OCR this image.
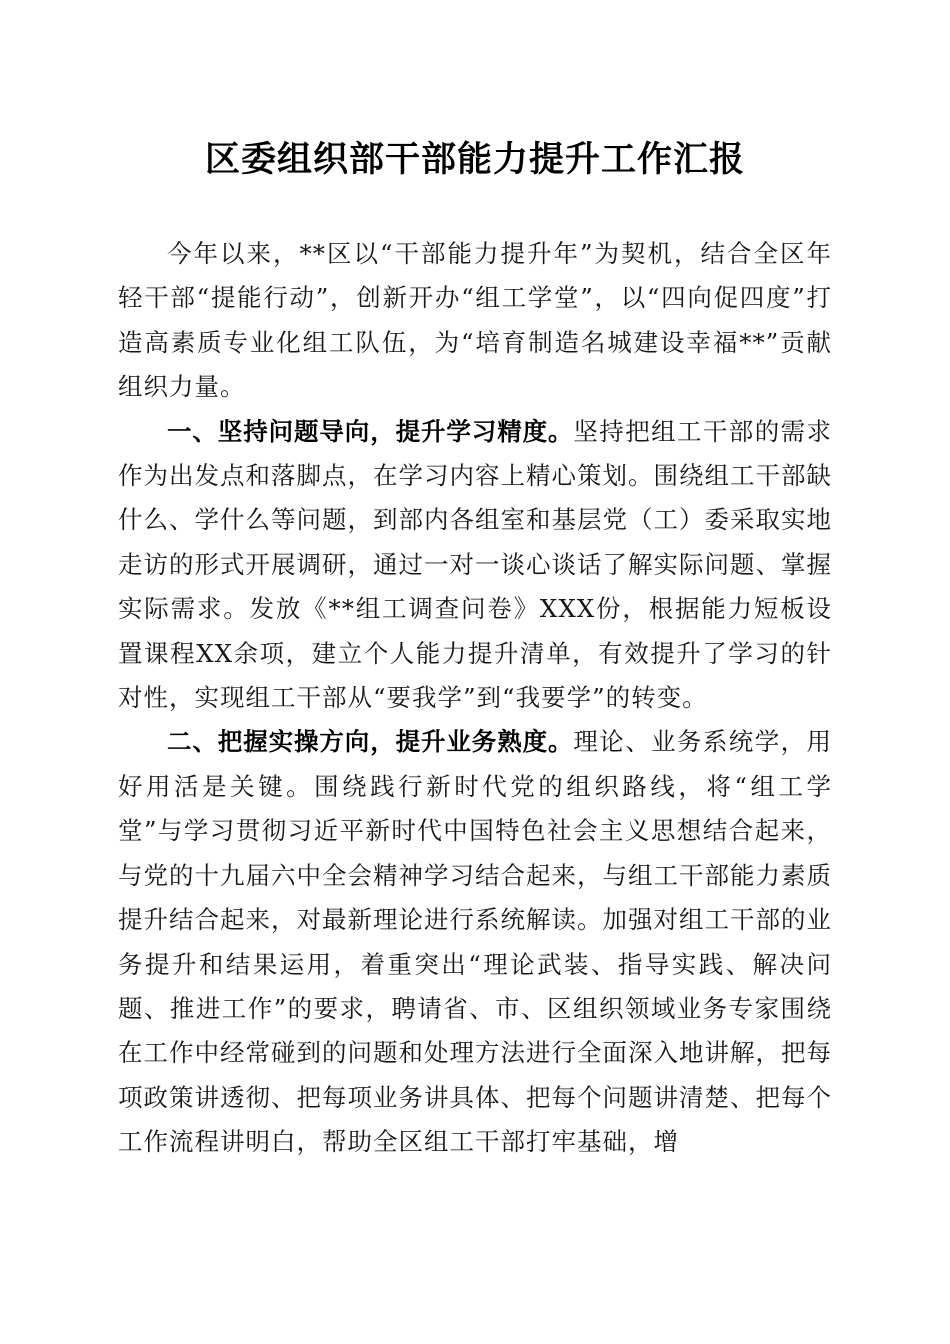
区委组织部干部能力提升工作汇报

今年以来，**区以“干部能力提升年”为契机，结合全区年轻干部“提能行动”，创新开办“组工学堂”，以“四向促四度”打造高素质专业化组工队伍，为“培育制造名城建设幸福**”贡献组织力量。

一、坚持问题导向，提升学习精度。坚持把组工干部的需求作为出发点和落脚点，在学习内容上精心策划。围绕组工干部缺什么、学什么等问题，到部内各组室和基层党（工）委采取实地走访的形式开展调研，通过一对一谈心谈话了解实际问题、掌握实际需求。发放《**组工调查问卷》XXX份，根据能力短板设置课程XX余项，建立个人能力提升清单，有效提升了学习的针对性，实现组工干部从“要我学”到“我要学”的转变。

二、把握实操方向，提升业务熟度。理论、业务系统学，用好用活是关键。围绕践行新时代党的组织路线，将“组工学堂”与学习贯彻习近平新时代中国特色社会主义思想结合起来，与党的十九届六中全会精神学习结合起来，与组工干部能力素质提升结合起来，对最新理论进行系统解读。加强对组工干部的业务提升和结果运用，着重突出“理论武装、指导实践、解决问题、推进工作”的要求，聘请省、市、区组织领域业务专家围绕在工作中经常碰到的问题和处理方法进行全面深入地讲解，把每项政策讲透彻、把每项业务讲具体、把每个问题讲清楚、把每个工作流程讲明白，帮助全区组工干部打牢基础，增
